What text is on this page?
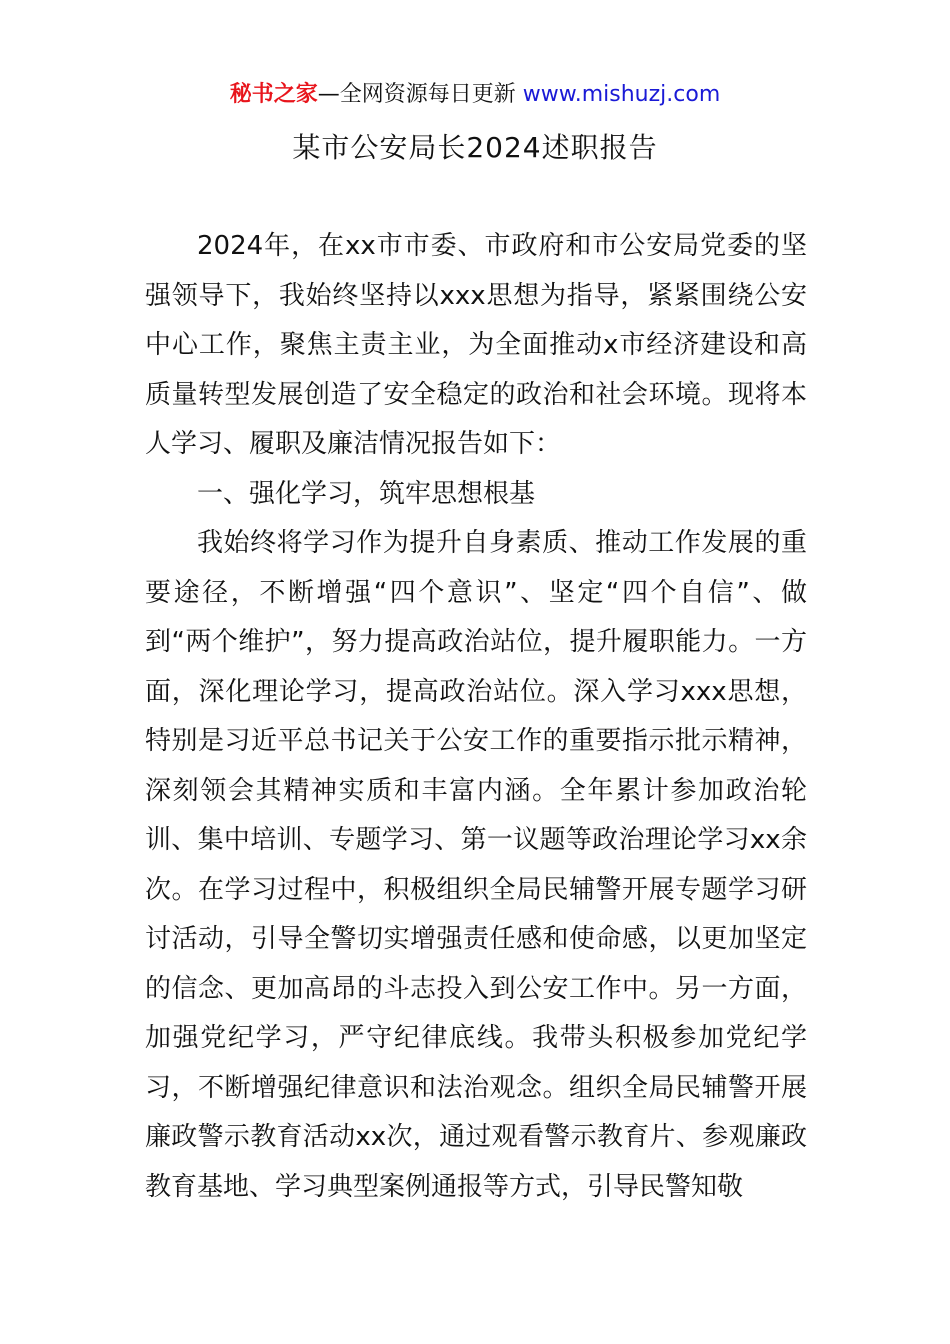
秘书之家—全网资源每日更新 www.mishuzj.com
某市公安局长2024述职报告

2024年，在xx市市委、市政府和市公安局党委的坚强领导下，我始终坚持以xxx思想为指导，紧紧围绕公安中心工作，聚焦主责主业，为全面推动x市经济建设和高质量转型发展创造了安全稳定的政治和社会环境。现将本人学习、履职及廉洁情况报告如下：

一、强化学习，筑牢思想根基

我始终将学习作为提升自身素质、推动工作发展的重要途径，不断增强“四个意识”、坚定“四个自信”、做到“两个维护”，努力提高政治站位，提升履职能力。一方面，深化理论学习，提高政治站位。深入学习xxx思想，特别是习近平总书记关于公安工作的重要指示批示精神，深刻领会其精神实质和丰富内涵。全年累计参加政治轮训、集中培训、专题学习、第一议题等政治理论学习xx余次。在学习过程中，积极组织全局民辅警开展专题学习研讨活动，引导全警切实增强责任感和使命感，以更加坚定的信念、更加高昂的斗志投入到公安工作中。另一方面，加强党纪学习，严守纪律底线。我带头积极参加党纪学习，不断增强纪律意识和法治观念。组织全局民辅警开展廉政警示教育活动xx次，通过观看警示教育片、参观廉政教育基地、学习典型案例通报等方式，引导民警知敬
